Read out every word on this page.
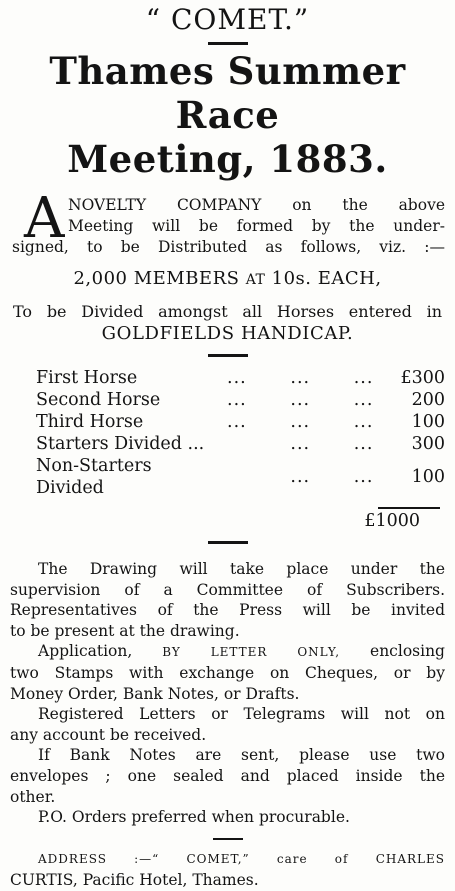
“ COMET.”
Thames Summer Race
Meeting, 1883.
A NOVELTY COMPANY on the above
Meeting will be formed by the under-
signed, to be Distributed as follows, viz. :—
2,000 MEMBERS AT 10s. EACH,
To be Divided amongst all Horses entered in
GOLDFIELDS HANDICAP.
First Horse	...	...	...	£300
Second Horse	...	...	...	200
Third Horse	...	...	...	100
Starters Divided ...		...	...	300
Non-Starters Divided		...	...	100
£1000
The Drawing will take place under the
supervision of a Committee of Subscribers.
Representatives of the Press will be invited
to be present at the drawing.
Application, BY LETTER ONLY, enclosing
two Stamps with exchange on Cheques, or by
Money Order, Bank Notes, or Drafts.
Registered Letters or Telegrams will not on
any account be received.
If Bank Notes are sent, please use two
envelopes ; one sealed and placed inside the
other.
P.O. Orders preferred when procurable.
ADDRESS :—“ COMET,” care of CHARLES
CURTIS, Pacific Hotel, Thames.
